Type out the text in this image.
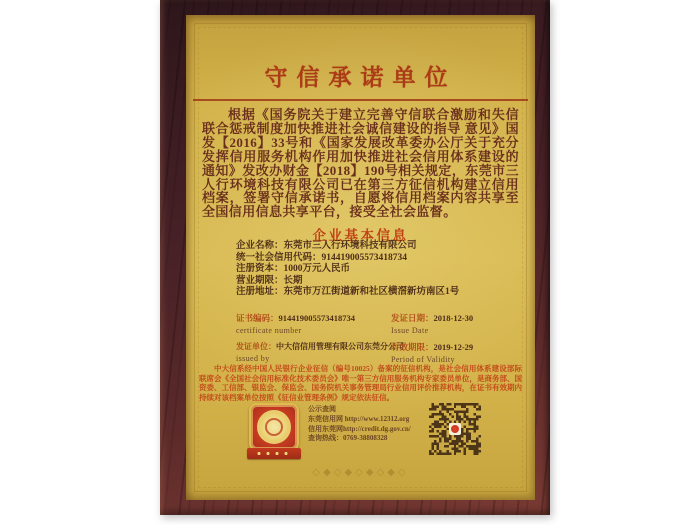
守信承诺单位
根据《国务院关于建立完善守信联合激励和失信联合惩戒制度加快推进社会诚信建设的指导 意见》国发【2016】33号和《国家发展改革委办公厅关于充分发挥信用服务机构作用加快推进社会信用体系建设的通知》发改办财金【2018】190号相关规定，东莞市三人行环境科技有限公司已在第三方征信机构建立信用档案，签署守信承诺书，自愿将信用档案内容共享至全国信用信息共享平台，接受全社会监督。
企业基本信息
企业名称：东莞市三人行环境科技有限公司
统一社会信用代码：914419005573418734
注册资本：1000万元人民币
营业期限：长期
注册地址：东莞市万江街道新和社区横滘新坊南区1号
证书编码：914419005573418734
certificate number
发证日期：2018-12-30
Issue Date
发证单位：中大信信用管理有限公司东莞分公司
issued by
有效期限：2019-12-29
Period of Validity
中大信系经中国人民银行企业征信（编号10025）备案的征信机构，是社会信用体系建设部际联席会《全国社会信用标准化技术委员会》唯一第三方信用服务机构专家委员单位，是商务部、国资委、工信部、银监会、保监会、国务院机关事务管理局行业信用评价推荐机构，在证书有效期内持续对该档案单位按照《征信业管理条例》规定依法征信。
公示查阅
东莞信用网 http://www.12312.org
信用东莞网http://credit.dg.gov.cn/
查询热线：0769-38808328
◇◆◇◆◇◆◇◆◇
